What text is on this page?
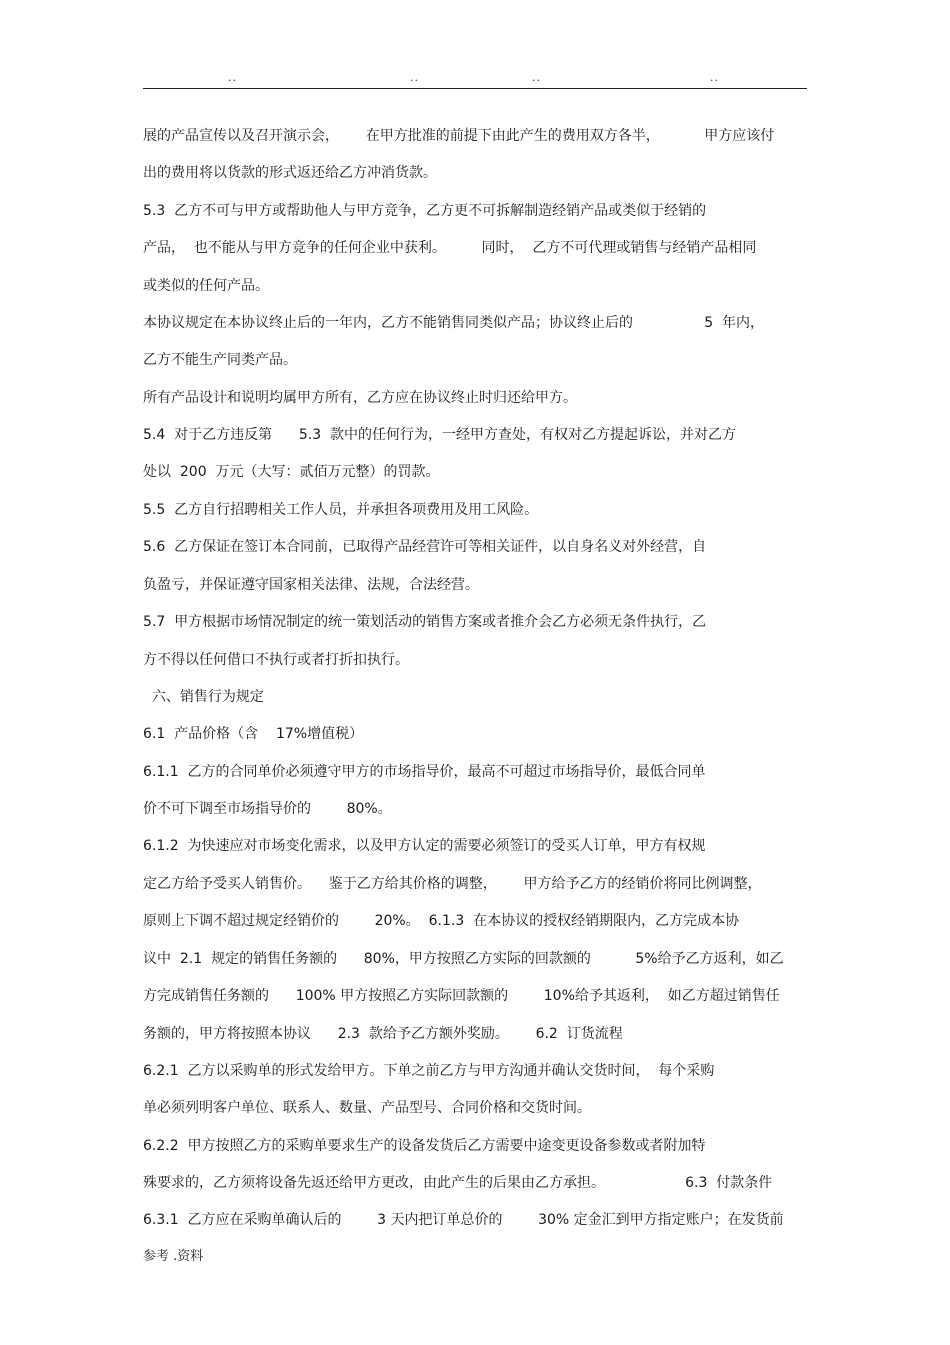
..	..	..	..
展的产品宣传以及召开演示会，      在甲方批准的前提下由此产生的费用双方各半，          甲方应该付
出的费用将以货款的形式返还给乙方冲消货款。
5.3  乙方不可与甲方或帮助他人与甲方竞争，乙方更不可拆解制造经销产品或类似于经销的
产品，  也不能从与甲方竞争的任何企业中获利。        同时，  乙方不可代理或销售与经销产品相同
或类似的任何产品。
本协议规定在本协议终止后的一年内，乙方不能销售同类似产品；协议终止后的                5  年内，
乙方不能生产同类产品。
所有产品设计和说明均属甲方所有，乙方应在协议终止时归还给甲方。
5.4  对于乙方违反第      5.3  款中的任何行为，一经甲方查处，有权对乙方提起诉讼，并对乙方
处以  200  万元（大写：贰佰万元整）的罚款。
5.5  乙方自行招聘相关工作人员，并承担各项费用及用工风险。
5.6  乙方保证在签订本合同前，已取得产品经营许可等相关证件，以自身名义对外经营，自
负盈亏，并保证遵守国家相关法律、法规，合法经营。
5.7  甲方根据市场情况制定的统一策划活动的销售方案或者推介会乙方必须无条件执行，乙
方不得以任何借口不执行或者打折扣执行。
六、销售行为规定
6.1  产品价格（含    17%增值税）
6.1.1  乙方的合同单价必须遵守甲方的市场指导价，最高不可超过市场指导价，最低合同单
价不可下调至市场指导价的        80%。
6.1.2  为快速应对市场变化需求，以及甲方认定的需要必须签订的受买人订单，甲方有权规
定乙方给予受买人销售价。    鉴于乙方给其价格的调整，      甲方给予乙方的经销价将同比例调整，
原则上下调不超过规定经销价的        20%。  6.1.3  在本协议的授权经销期限内，乙方完成本协
议中  2.1  规定的销售任务额的      80%，甲方按照乙方实际的回款额的          5%给予乙方返利，如乙
方完成销售任务额的      100% 甲方按照乙方实际回款额的        10%给予其返利，  如乙方超过销售任
务额的，甲方将按照本协议      2.3  款给予乙方额外奖励。      6.2  订货流程
6.2.1  乙方以采购单的形式发给甲方。下单之前乙方与甲方沟通并确认交货时间，  每个采购
单必须列明客户单位、联系人、数量、产品型号、合同价格和交货时间。
6.2.2  甲方按照乙方的采购单要求生产的设备发货后乙方需要中途变更设备参数或者附加特
殊要求的，乙方须将设备先返还给甲方更改，由此产生的后果由乙方承担。                  6.3  付款条件
6.3.1  乙方应在采购单确认后的        3 天内把订单总价的        30% 定金汇到甲方指定账户；在发货前
参考 .资料
